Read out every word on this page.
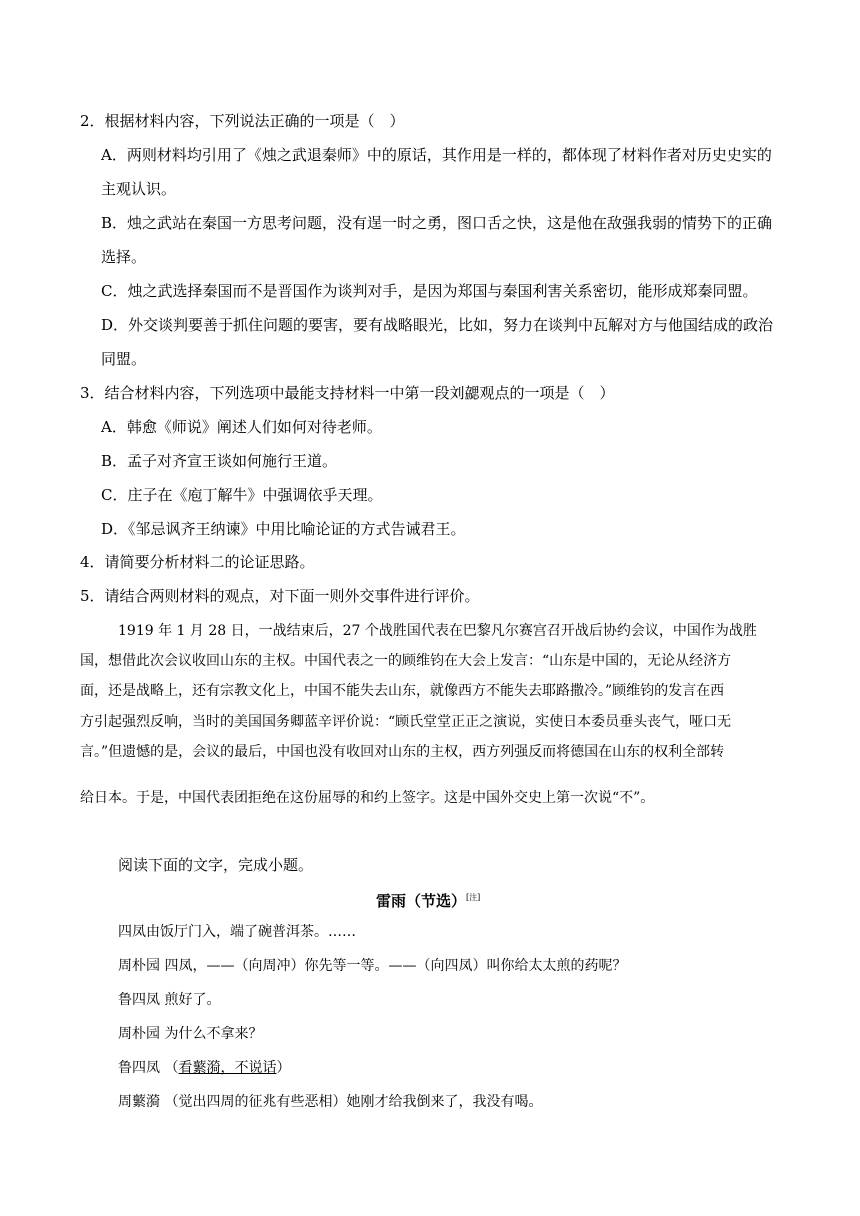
2．根据材料内容，下列说法正确的一项是（　）
A．两则材料均引用了《烛之武退秦师》中的原话，其作用是一样的，都体现了材料作者对历史史实的
主观认识。
B．烛之武站在秦国一方思考问题，没有逞一时之勇，图口舌之快，这是他在敌强我弱的情势下的正确
选择。
C．烛之武选择秦国而不是晋国作为谈判对手，是因为郑国与秦国利害关系密切，能形成郑秦同盟。
D．外交谈判要善于抓住问题的要害，要有战略眼光，比如，努力在谈判中瓦解对方与他国结成的政治
同盟。
3．结合材料内容，下列选项中最能支持材料一中第一段刘勰观点的一项是（　）
A．韩愈《师说》阐述人们如何对待老师。
B．孟子对齐宣王谈如何施行王道。
C．庄子在《庖丁解牛》中强调依乎天理。
D．《邹忌讽齐王纳谏》中用比喻论证的方式告诫君王。
4．请简要分析材料二的论证思路。
5．请结合两则材料的观点，对下面一则外交事件进行评价。
1919 年 1 月 28 日，一战结束后，27 个战胜国代表在巴黎凡尔赛宫召开战后协约会议，中国作为战胜
国，想借此次会议收回山东的主权。中国代表之一的顾维钧在大会上发言：“山东是中国的，无论从经济方
面，还是战略上，还有宗教文化上，中国不能失去山东，就像西方不能失去耶路撒冷。”顾维钧的发言在西
方引起强烈反响，当时的美国国务卿蓝辛评价说：“顾氏堂堂正正之演说，实使日本委员垂头丧气，哑口无
言。”但遗憾的是，会议的最后，中国也没有收回对山东的主权，西方列强反而将德国在山东的权利全部转
给日本。于是，中国代表团拒绝在这份屈辱的和约上签字。这是中国外交史上第一次说“不”。
阅读下面的文字，完成小题。
雷雨（节选）[注]
四凤由饭厅门入，端了碗普洱茶。……
周朴园 四凤，——（向周冲）你先等一等。——（向四凤）叫你给太太煎的药呢？
鲁四凤 煎好了。
周朴园 为什么不拿来？
鲁四凤 （看蘩漪，不说话）
周蘩漪 （觉出四周的征兆有些恶相）她刚才给我倒来了，我没有喝。
